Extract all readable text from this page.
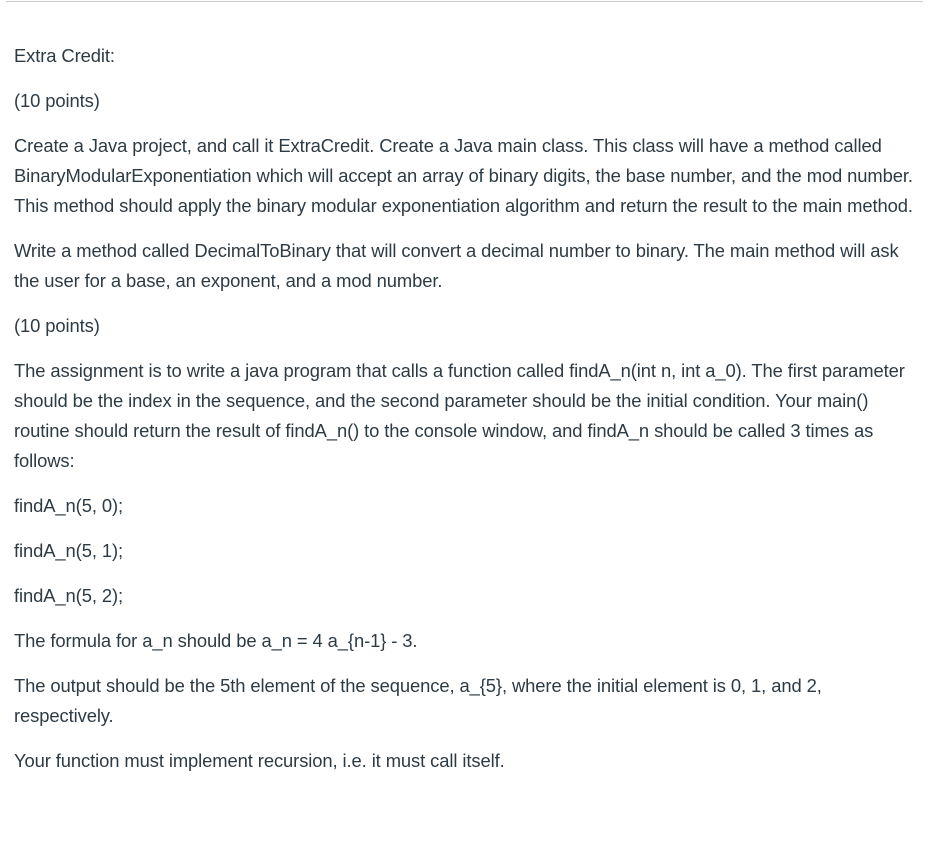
Extra Credit:

(10 points)

Create a Java project, and call it ExtraCredit. Create a Java main class. This class will have a method called BinaryModularExponentiation which will accept an array of binary digits, the base number, and the mod number. This method should apply the binary modular exponentiation algorithm and return the result to the main method.

Write a method called DecimalToBinary that will convert a decimal number to binary. The main method will ask the user for a base, an exponent, and a mod number.

(10 points)

The assignment is to write a java program that calls a function called findA_n(int n, int a_0). The first parameter should be the index in the sequence, and the second parameter should be the initial condition. Your main() routine should return the result of findA_n() to the console window, and findA_n should be called 3 times as follows:

findA_n(5, 0);

findA_n(5, 1);

findA_n(5, 2);

The formula for a_n should be a_n = 4 a_{n-1} - 3.

The output should be the 5th element of the sequence, a_{5}, where the initial element is 0, 1, and 2, respectively.

Your function must implement recursion, i.e. it must call itself.
